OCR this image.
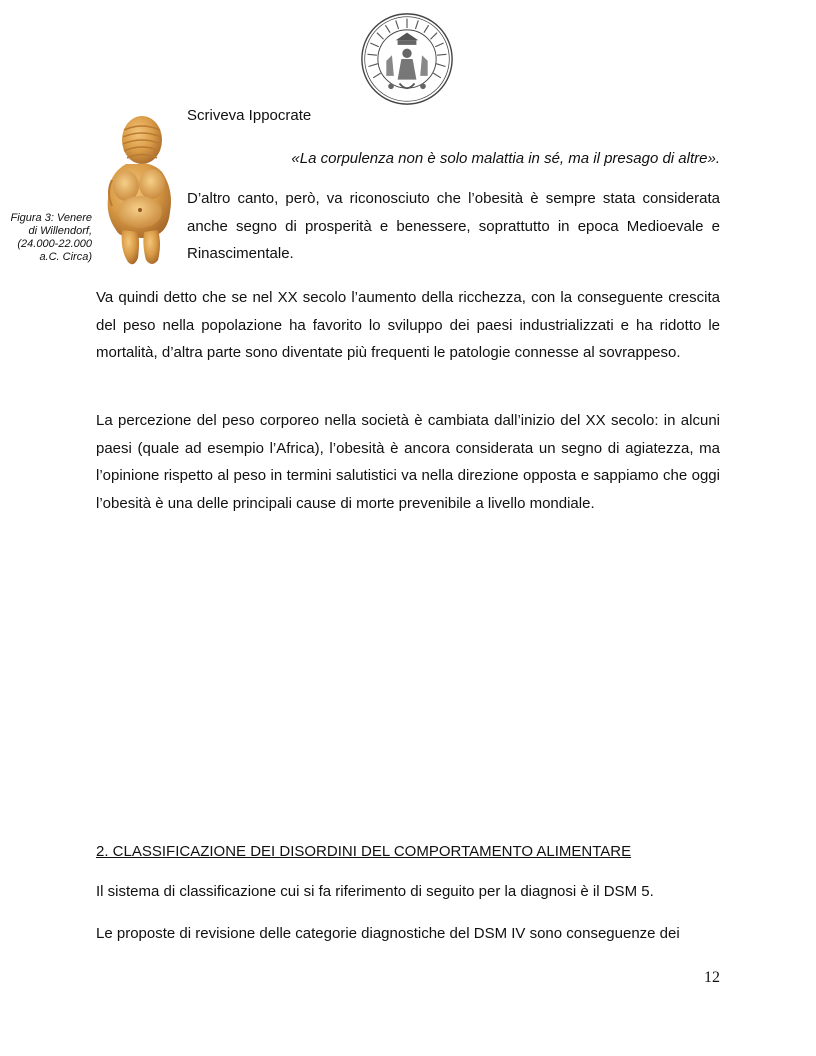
Figura 3: Venere di Willendorf, (24.000-22.000 a.C. Circa)

Scriveva Ippocrate

«La corpulenza non è solo malattia in sé, ma il presago di altre».

D’altro canto, però, va riconosciuto che l’obesità è sempre stata considerata anche segno di prosperità e benessere, soprattutto in epoca Medioevale e Rinascimentale.

Va quindi detto che se nel XX secolo l’aumento della ricchezza, con la conseguente crescita del peso nella popolazione ha favorito lo sviluppo dei paesi industrializzati e ha ridotto le mortalità, d’altra parte sono diventate più frequenti le patologie connesse al sovrappeso.

La percezione del peso corporeo nella società è cambiata dall’inizio del XX secolo: in alcuni paesi (quale ad esempio l’Africa), l’obesità è ancora considerata un segno di agiatezza, ma l’opinione rispetto al peso in termini salutistici va nella direzione opposta e sappiamo che oggi l’obesità è una delle principali cause di morte prevenibile a livello mondiale.

2. CLASSIFICAZIONE DEI DISORDINI DEL COMPORTAMENTO ALIMENTARE

Il sistema di classificazione cui si fa riferimento di seguito per la diagnosi è il DSM 5.

Le proposte di revisione delle categorie diagnostiche del DSM IV sono conseguenze dei

12
